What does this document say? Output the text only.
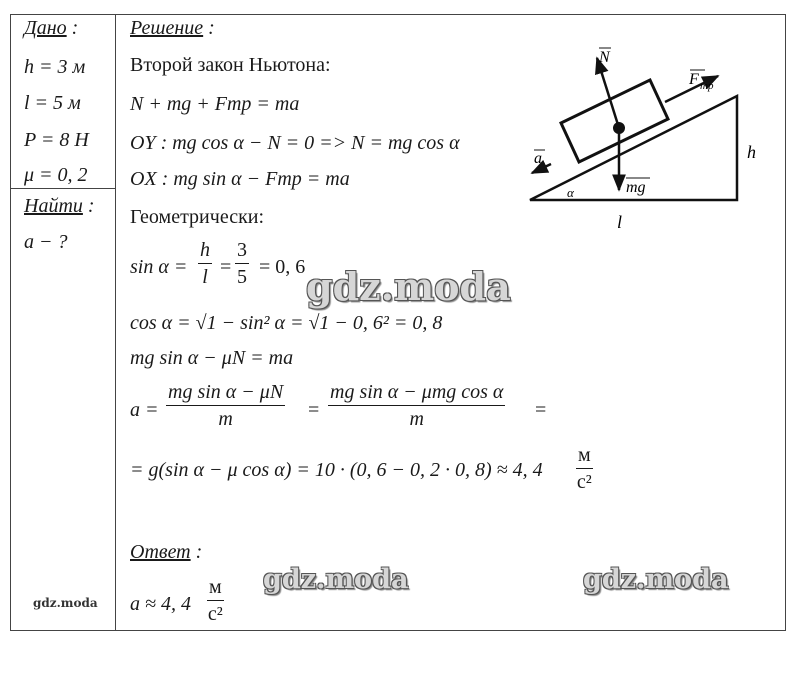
Дано :
h = 3 м
l = 5 м
P = 8 Н
μ = 0, 2
Найти :
a − ?
Решение :
Второй закон Ньютона:
N + mg + Fтр = ma
OY : mg cos α − N = 0 => N = mg cos α
OX : mg sin α − Fтр = ma
Геометрически:
$\sin \alpha = \frac{h}{l} = \frac{3}{5} = 0$, 6
cos α = √1 − sin² α = √1 − 0, 6² = 0, 8
mg sin α − μN = ma
$a = \frac{\text{mg sin α − μN}}{m}$ =
mg sin α − μmg cos α
m	=
= g(sin α − μ cos α) = 10 · (0, 6 − 0, 2 · 0, 8) ≈ 4, 4
м
c²
Ответ :
a ≈ 4, 4
м
c²
N
F тр
a
mg
h
l
α
gdz.moda
gdz.moda	gdz.moda
gdz.moda
